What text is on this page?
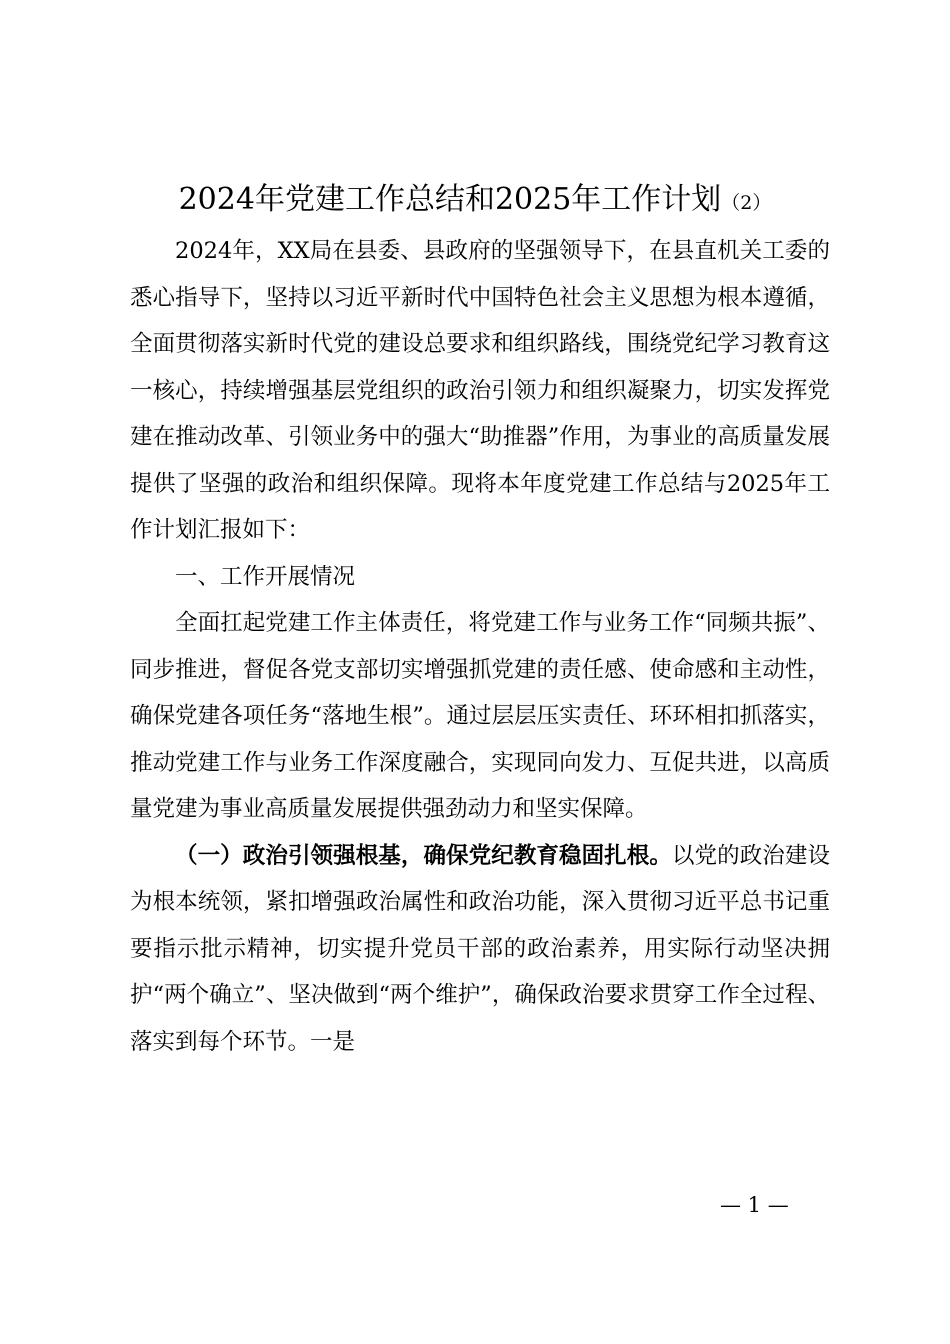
2024年党建工作总结和2025年工作计划（2）

2024年，XX局在县委、县政府的坚强领导下，在县直机关工委的悉心指导下，坚持以习近平新时代中国特色社会主义思想为根本遵循，全面贯彻落实新时代党的建设总要求和组织路线，围绕党纪学习教育这一核心，持续增强基层党组织的政治引领力和组织凝聚力，切实发挥党建在推动改革、引领业务中的强大“助推器”作用，为事业的高质量发展提供了坚强的政治和组织保障。现将本年度党建工作总结与2025年工作计划汇报如下：

一、工作开展情况

全面扛起党建工作主体责任，将党建工作与业务工作“同频共振”、同步推进，督促各党支部切实增强抓党建的责任感、使命感和主动性，确保党建各项任务“落地生根”。通过层层压实责任、环环相扣抓落实，推动党建工作与业务工作深度融合，实现同向发力、互促共进，以高质量党建为事业高质量发展提供强劲动力和坚实保障。

（一）政治引领强根基，确保党纪教育稳固扎根。以党的政治建设为根本统领，紧扣增强政治属性和政治功能，深入贯彻习近平总书记重要指示批示精神，切实提升党员干部的政治素养，用实际行动坚决拥护“两个确立”、坚决做到“两个维护”，确保政治要求贯穿工作全过程、落实到每个环节。一是

— 1 —
